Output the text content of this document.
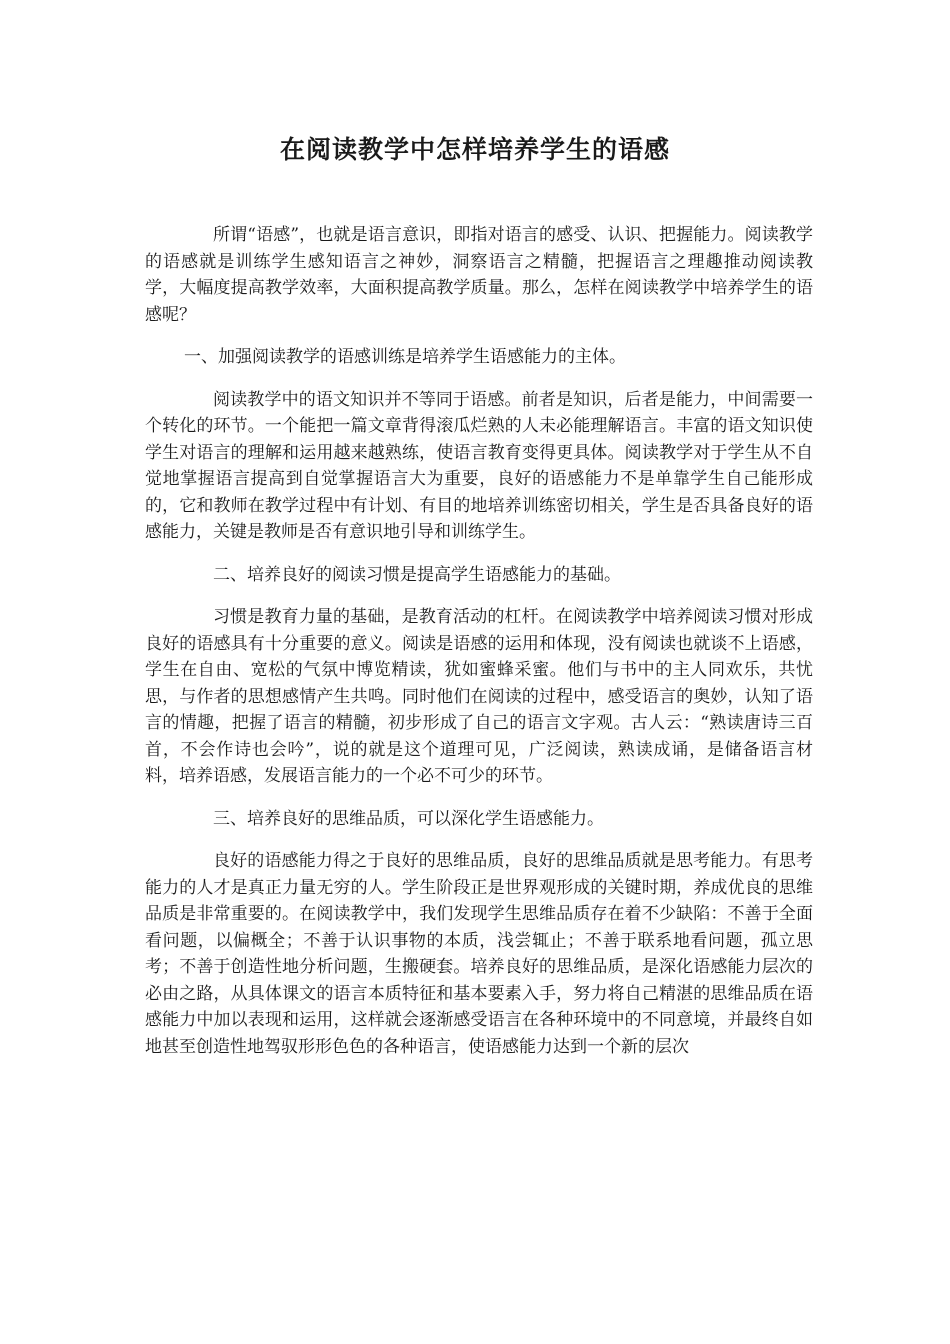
在阅读教学中怎样培养学生的语感

所谓“语感”，也就是语言意识，即指对语言的感受、认识、把握能力。阅读教学的语感就是训练学生感知语言之神妙，洞察语言之精髓，把握语言之理趣推动阅读教　学，大幅度提高教学效率，大面积提高教学质量。那么，怎样在阅读教学中培养学生的语感呢？

一、加强阅读教学的语感训练是培养学生语感能力的主体。

阅读教学中的语文知识并不等同于语感。前者是知识，后者是能力，中间需要一个转化的环节。一个能把一篇文章背得滚瓜烂熟的人未必能理解语言。丰富的语文知识使学生对语言的理解和运用越来越熟练，使语言教育变得更具体。阅读教学对于学生从不自觉地掌握语言提高到自觉掌握语言大为重要，良好的语感能力不是单靠学生自己能形成的，它和教师在教学过程中有计划、有目的地培养训练密切相关，学生是否具备良好的语感能力，关键是教师是否有意识地引导和训练学生。

二、培养良好的阅读习惯是提高学生语感能力的基础。

习惯是教育力量的基础，是教育活动的杠杆。在阅读教学中培养阅读习惯对形成良好的语感具有十分重要的意义。阅读是语感的运用和体现，没有阅读也就谈不上语感，学生在自由、宽松的气氛中博览精读，犹如蜜蜂采蜜。他们与书中的主人同欢乐，共忧思，与作者的思想感情产生共鸣。同时他们在阅读的过程中，感受语言的奥妙，认知了语言的情趣，把握了语言的精髓，初步形成了自己的语言文字观。古人云：“熟读唐诗三百首，不会作诗也会吟”，说的就是这个道理可见，广泛阅读，熟读成诵，是储备语言材料，培养语感，发展语言能力的一个必不可少的环节。

三、培养良好的思维品质，可以深化学生语感能力。

良好的语感能力得之于良好的思维品质，良好的思维品质就是思考能力。有思考能力的人才是真正力量无穷的人。学生阶段正是世界观形成的关键时期，养成优良的思维品质是非常重要的。在阅读教学中，我们发现学生思维品质存在着不少缺陷：不善于全面看问题，以偏概全；不善于认识事物的本质，浅尝辄止；不善于联系地看问题，孤立思考；不善于创造性地分析问题，生搬硬套。培养良好的思维品质，是深化语感能力层次的必由之路，从具体课文的语言本质特征和基本要素入手，努力将自己精湛的思维品质在语感能力中加以表现和运用，这样就会逐渐感受语言在各种环境中的不同意境，并最终自如地甚至创造性地驾驭形形色色的各种语言，使语感能力达到一个新的层次
